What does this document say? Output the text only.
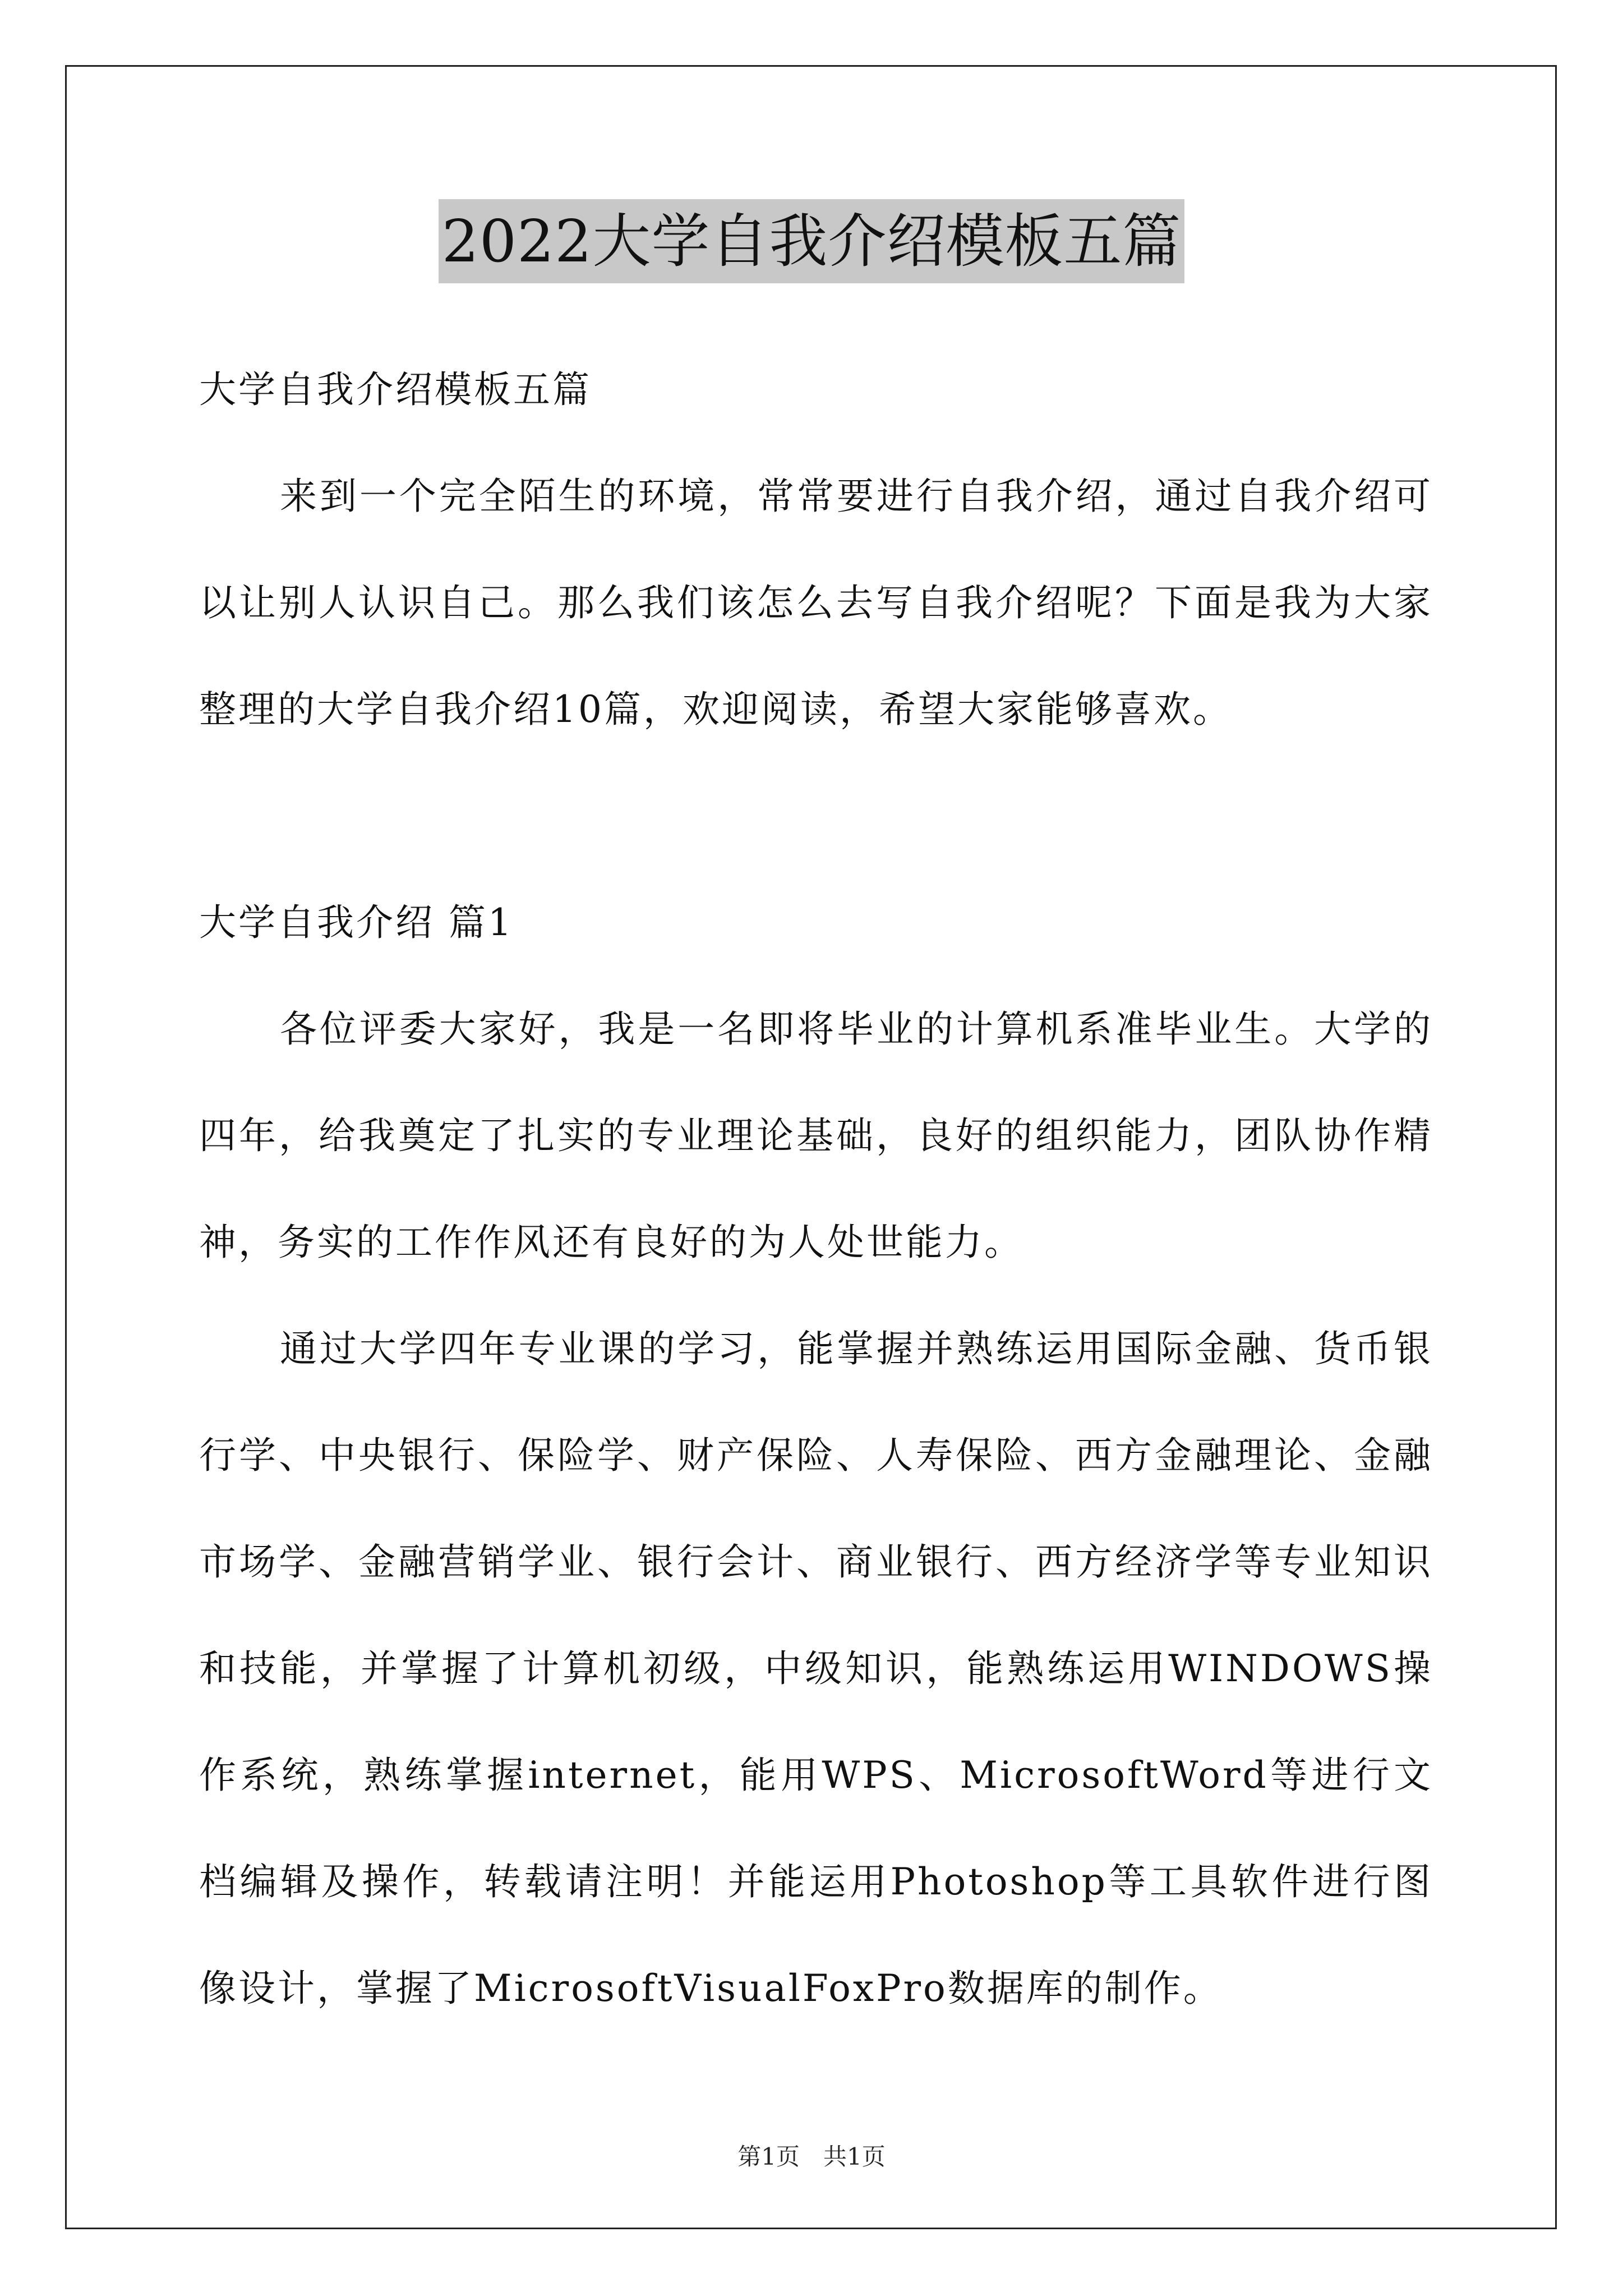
2022大学自我介绍模板五篇

大学自我介绍模板五篇

来到一个完全陌生的环境，常常要进行自我介绍，通过自我介绍可以让别人认识自己。那么我们该怎么去写自我介绍呢？下面是我为大家整理的大学自我介绍10篇，欢迎阅读，希望大家能够喜欢。

大学自我介绍 篇1

各位评委大家好，我是一名即将毕业的计算机系准毕业生。大学的四年，给我奠定了扎实的专业理论基础，良好的组织能力，团队协作精神，务实的工作作风还有良好的为人处世能力。

通过大学四年专业课的学习，能掌握并熟练运用国际金融、货币银行学、中央银行、保险学、财产保险、人寿保险、西方金融理论、金融市场学、金融营销学业、银行会计、商业银行、西方经济学等专业知识和技能，并掌握了计算机初级，中级知识，能熟练运用WINDOWS操作系统，熟练掌握internet，能用WPS、MicrosoftWord等进行文档编辑及操作，转载请注明！并能运用Photoshop等工具软件进行图像设计，掌握了MicrosoftVisualFoxPro数据库的制作。

第1页　共1页
